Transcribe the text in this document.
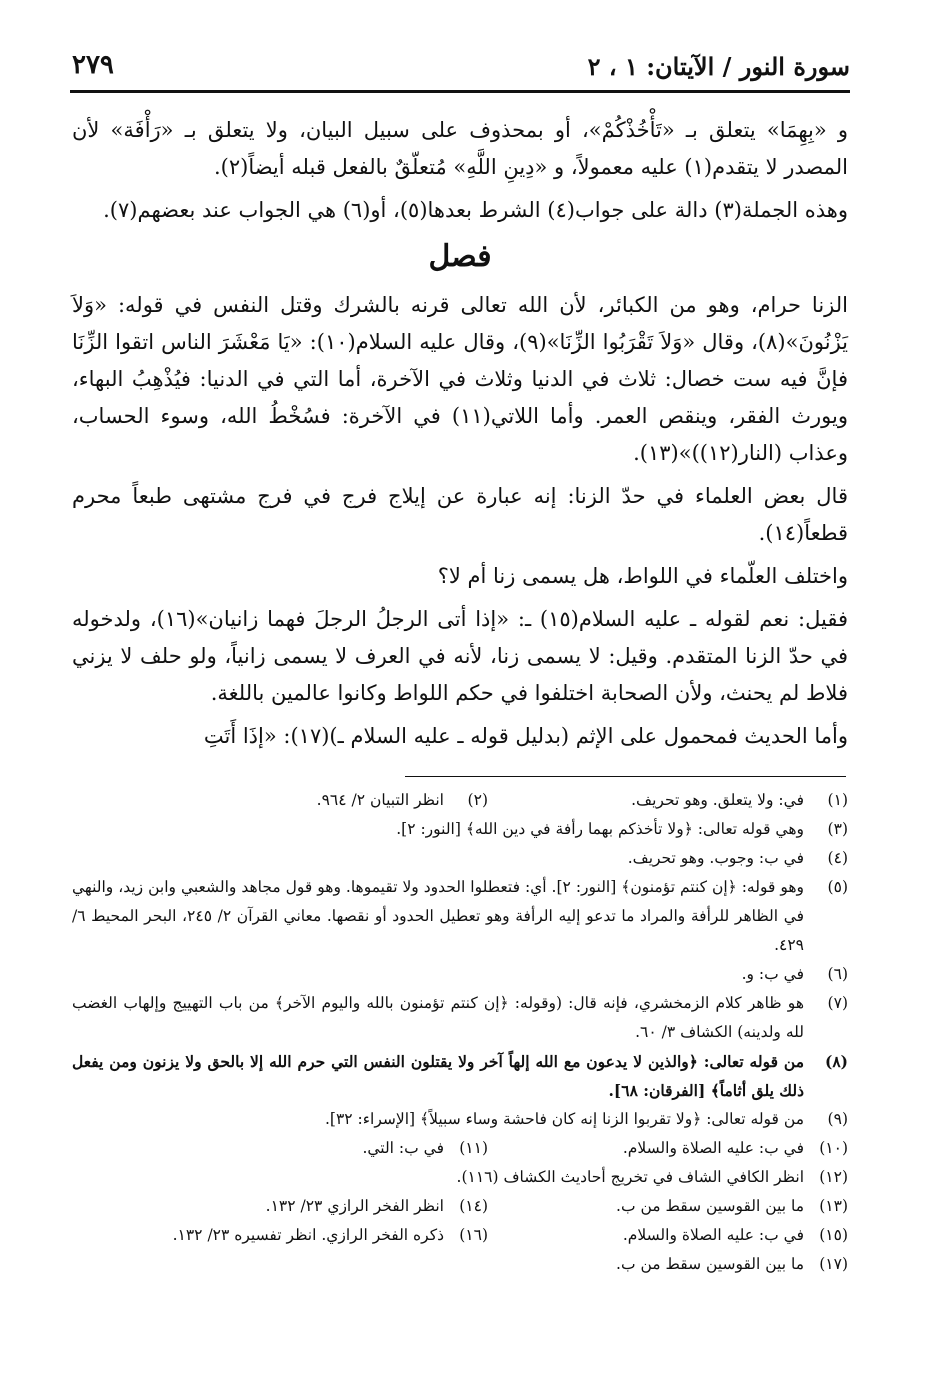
سورة النور / الآيتان: ١ ، ٢
٢٧٩

و «بِهِمَا» يتعلق بـ «تَأْخُذْكُمْ»، أو بمحذوف على سبيل البيان، ولا يتعلق بـ «رَأْفَة» لأن المصدر لا يتقدم(١) عليه معمولاً، و «دِينِ اللَّهِ» مُتعلّقٌ بالفعل قبله أيضاً(٢).

وهذه الجملة(٣) دالة على جواب(٤) الشرط بعدها(٥)، أو(٦) هي الجواب عند بعضهم(٧).

فصل

الزنا حرام، وهو من الكبائر، لأن الله تعالى قرنه بالشرك وقتل النفس في قوله: «وَلاَ يَزْنُونَ»(٨)، وقال «وَلاَ تَقْرَبُوا الزِّنَا»(٩)، وقال عليه السلام(١٠): «يَا مَعْشَرَ الناس اتقوا الزِّنَا فإنَّ فيه ست خصال: ثلاث في الدنيا وثلاث في الآخرة، أما التي في الدنيا: فيُذْهِبُ البهاء، ويورث الفقر، وينقص العمر. وأما اللاتي(١١) في الآخرة: فسُخْطُ الله، وسوء الحساب، وعذاب (النار(١٢))»(١٣).

قال بعض العلماء في حدّ الزنا: إنه عبارة عن إيلاج فرج في فرج مشتهى طبعاً محرم قطعاً(١٤).

واختلف العلّماء في اللواط، هل يسمى زنا أم لا؟

فقيل: نعم لقوله ـ عليه السلام(١٥) ـ: «إذا أتى الرجلُ الرجلَ فهما زانيان»(١٦)، ولدخوله في حدّ الزنا المتقدم. وقيل: لا يسمى زنا، لأنه في العرف لا يسمى زانياً، ولو حلف لا يزني فلاط لم يحنث، ولأن الصحابة اختلفوا في حكم اللواط وكانوا عالمين باللغة.

وأما الحديث فمحمول على الإثم (بدليل قوله ـ عليه السلام ـ)(١٧): «إذَا أَتَتِ

(١)
في: ولا يتعلق. وهو تحريف.
(٢)
انظر التبيان ٢/ ٩٦٤.
(٣)
وهي قوله تعالى: ﴿ولا تأخذكم بهما رأفة في دين الله﴾ [النور: ٢].
(٤)
في ب: وجوب. وهو تحريف.
(٥)
وهو قوله: ﴿إن كنتم تؤمنون﴾ [النور: ٢]. أي: فتعطلوا الحدود ولا تقيموها. وهو قول مجاهد والشعبي وابن زيد، والنهي في الظاهر للرأفة والمراد ما تدعو إليه الرأفة وهو تعطيل الحدود أو نقصها. معاني القرآن ٢/ ٢٤٥، البحر المحيط ٦/ ٤٢٩.
(٦)
في ب: و.
(٧)
هو ظاهر كلام الزمخشري، فإنه قال: (وقوله: ﴿إن كنتم تؤمنون بالله واليوم الآخر﴾ من باب التهييج وإلهاب الغضب لله ولدينه) الكشاف ٣/ ٦٠.
(٨)
من قوله تعالى: ﴿والذين لا يدعون مع الله إلهاً آخر ولا يقتلون النفس التي حرم الله إلا بالحق ولا يزنون ومن يفعل ذلك يلق أثاماً﴾ [الفرقان: ٦٨].
(٩)
من قوله تعالى: ﴿ولا تقربوا الزنا إنه كان فاحشة وساء سبيلاً﴾ [الإسراء: ٣٢].
(١٠)
في ب: عليه الصلاة والسلام.
(١١)
في ب: التي.
(١٢)
انظر الكافي الشاف في تخريج أحاديث الكشاف (١١٦).
(١٣)
ما بين القوسين سقط من ب.
(١٤)
انظر الفخر الرازي ٢٣/ ١٣٢.
(١٥)
في ب: عليه الصلاة والسلام.
(١٦)
ذكره الفخر الرازي. انظر تفسيره ٢٣/ ١٣٢.
(١٧)
ما بين القوسين سقط من ب.
